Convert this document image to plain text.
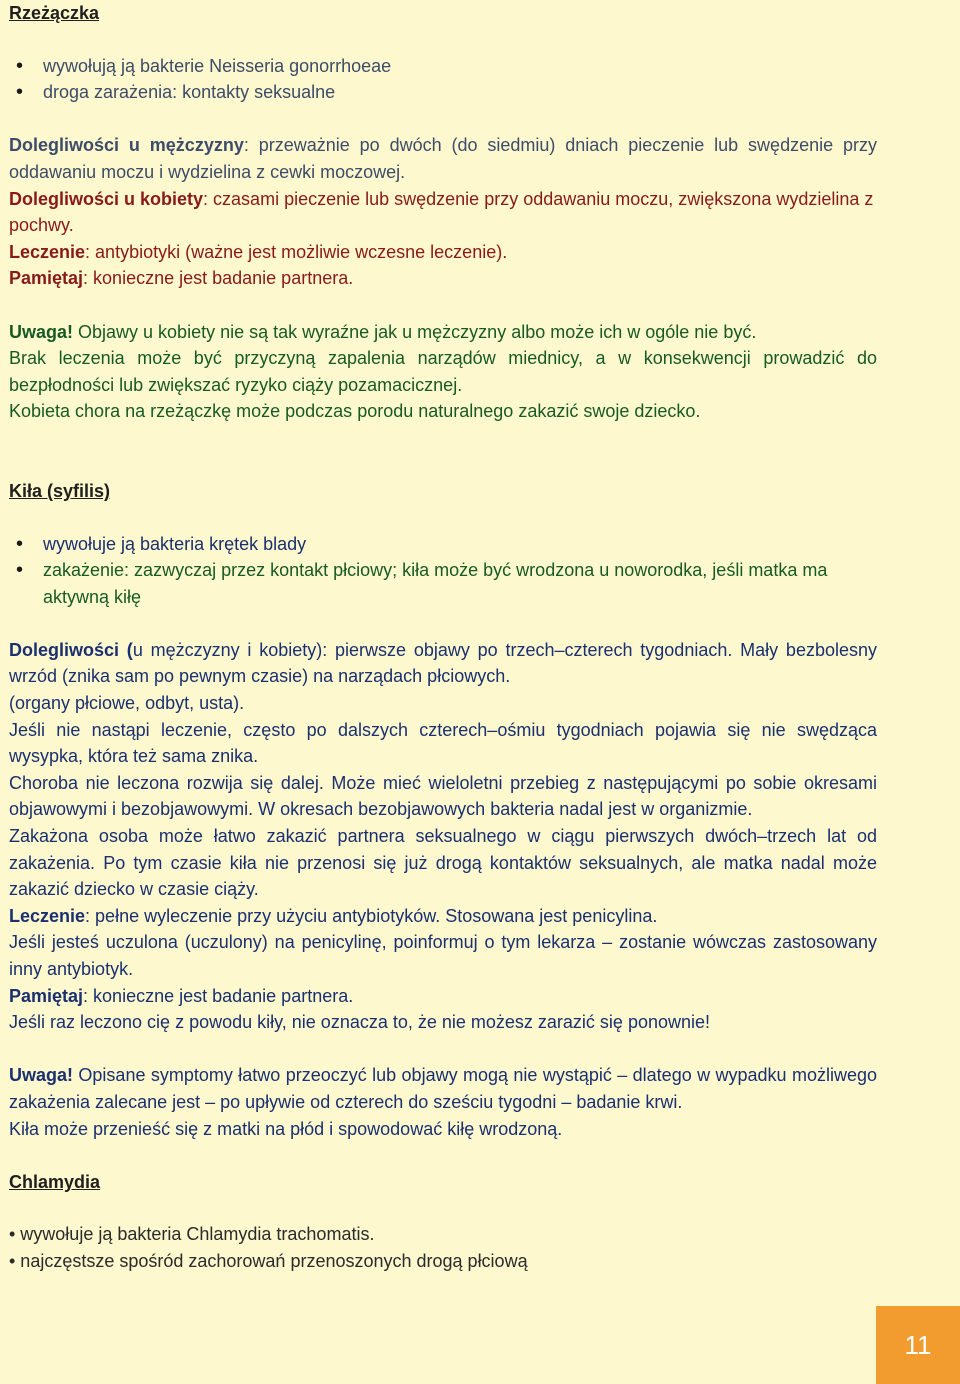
Rzeżączka
• wywołują ją bakterie Neisseria gonorrhoeae
• droga zarażenia: kontakty seksualne

Dolegliwości u mężczyzny: przeważnie po dwóch (do siedmiu) dniach pieczenie lub swędzenie przy oddawaniu moczu i wydzielina z cewki moczowej.

Dolegliwości u kobiety: czasami pieczenie lub swędzenie przy oddawaniu moczu, zwiększona wydzielina z pochwy.

Leczenie: antybiotyki (ważne jest możliwie wczesne leczenie).

Pamiętaj: konieczne jest badanie partnera.

Uwaga! Objawy u kobiety nie są tak wyraźne jak u mężczyzny albo może ich w ogóle nie być.

Brak leczenia może być przyczyną zapalenia narządów miednicy, a w konsekwencji prowadzić do bezpłodności lub zwiększać ryzyko ciąży pozamacicznej.

Kobieta chora na rzeżączkę może podczas porodu naturalnego zakazić swoje dziecko.

Kiła (syfilis)
• wywołuje ją bakteria krętek blady
• zakażenie: zazwyczaj przez kontakt płciowy; kiła może być wrodzona u noworodka, jeśli matka ma aktywną kiłę

Dolegliwości (u mężczyzny i kobiety): pierwsze objawy po trzech–czterech tygodniach. Mały bezbolesny wrzód (znika sam po pewnym czasie) na narządach płciowych.

(organy płciowe, odbyt, usta).

Jeśli nie nastąpi leczenie, często po dalszych czterech–ośmiu tygodniach pojawia się nie swędząca wysypka, która też sama znika.

Choroba nie leczona rozwija się dalej. Może mieć wieloletni przebieg z następującymi po sobie okresami objawowymi i bezobjawowymi. W okresach bezobjawowych bakteria nadal jest w organizmie.

Zakażona osoba może łatwo zakazić partnera seksualnego w ciągu pierwszych dwóch–trzech lat od zakażenia. Po tym czasie kiła nie przenosi się już drogą kontaktów seksualnych, ale matka nadal może zakazić dziecko w czasie ciąży.

Leczenie: pełne wyleczenie przy użyciu antybiotyków. Stosowana jest penicylina.

Jeśli jesteś uczulona (uczulony) na penicylinę, poinformuj o tym lekarza – zostanie wówczas zastosowany inny antybiotyk.

Pamiętaj: konieczne jest badanie partnera.

Jeśli raz leczono cię z powodu kiły, nie oznacza to, że nie możesz zarazić się ponownie!

Uwaga! Opisane symptomy łatwo przeoczyć lub objawy mogą nie wystąpić – dlatego w wypadku możliwego zakażenia zalecane jest – po upływie od czterech do sześciu tygodni – badanie krwi.

Kiła może przenieść się z matki na płód i spowodować kiłę wrodzoną.

Chlamydia

• wywołuje ją bakteria Chlamydia trachomatis.

• najczęstsze spośród zachorowań przenoszonych drogą płciową

11
